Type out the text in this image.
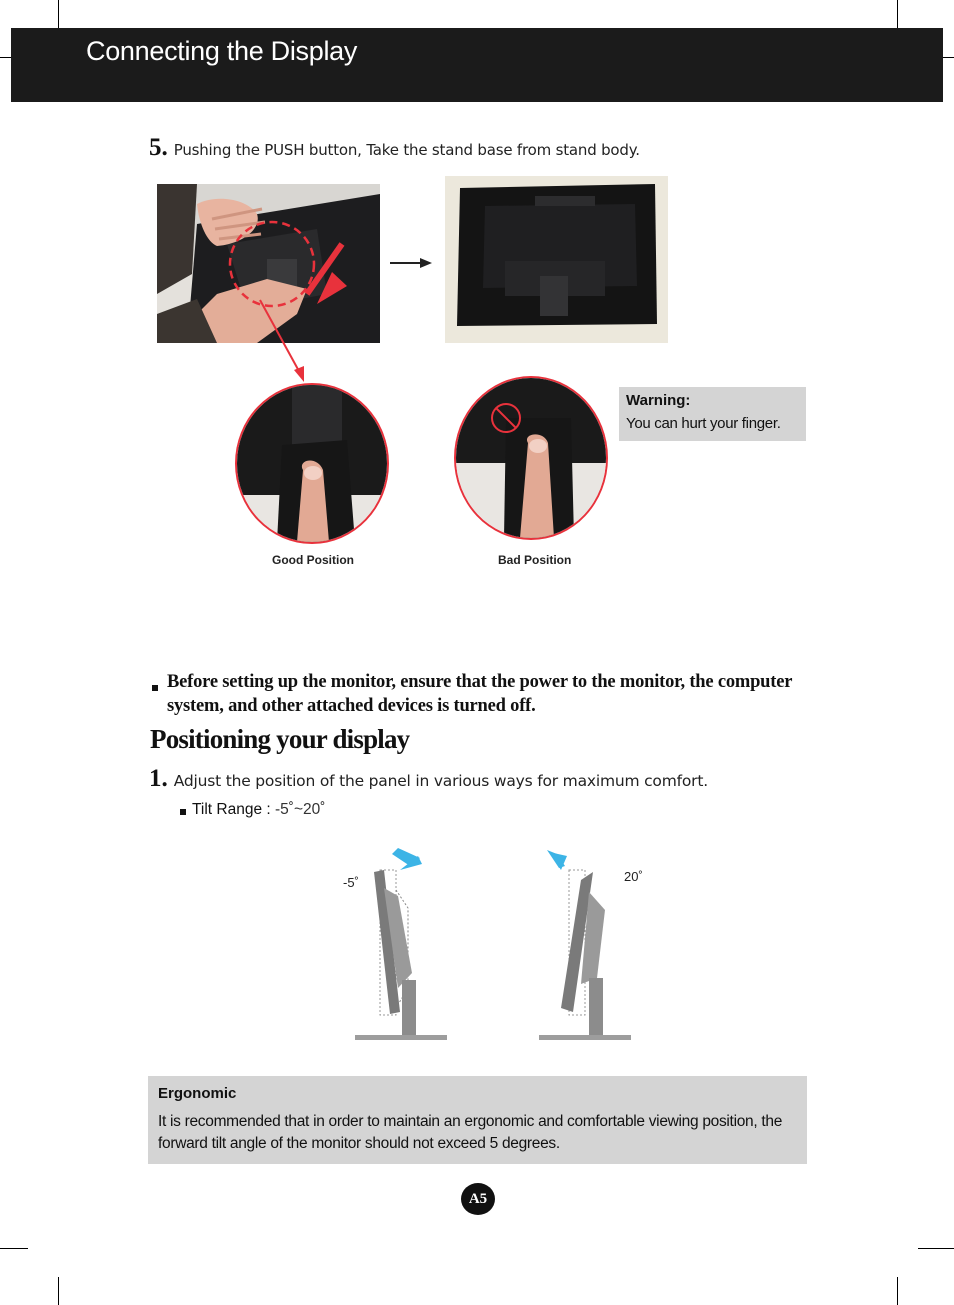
Connecting the Display
5. Pushing the PUSH button, Take the stand base from stand body.
Good Position	Bad Position
Warning:
You can hurt your finger.
Before setting up the monitor, ensure that the power to the monitor, the computer system, and other attached devices is turned off.
Positioning your display
1. Adjust the position of the panel in various ways for maximum comfort.
Tilt Range : -5˚~20˚
-5˚	20˚
Ergonomic
It is recommended that in order to maintain an ergonomic and comfortable viewing position, the forward tilt angle of the monitor should not exceed 5 degrees.
A5
